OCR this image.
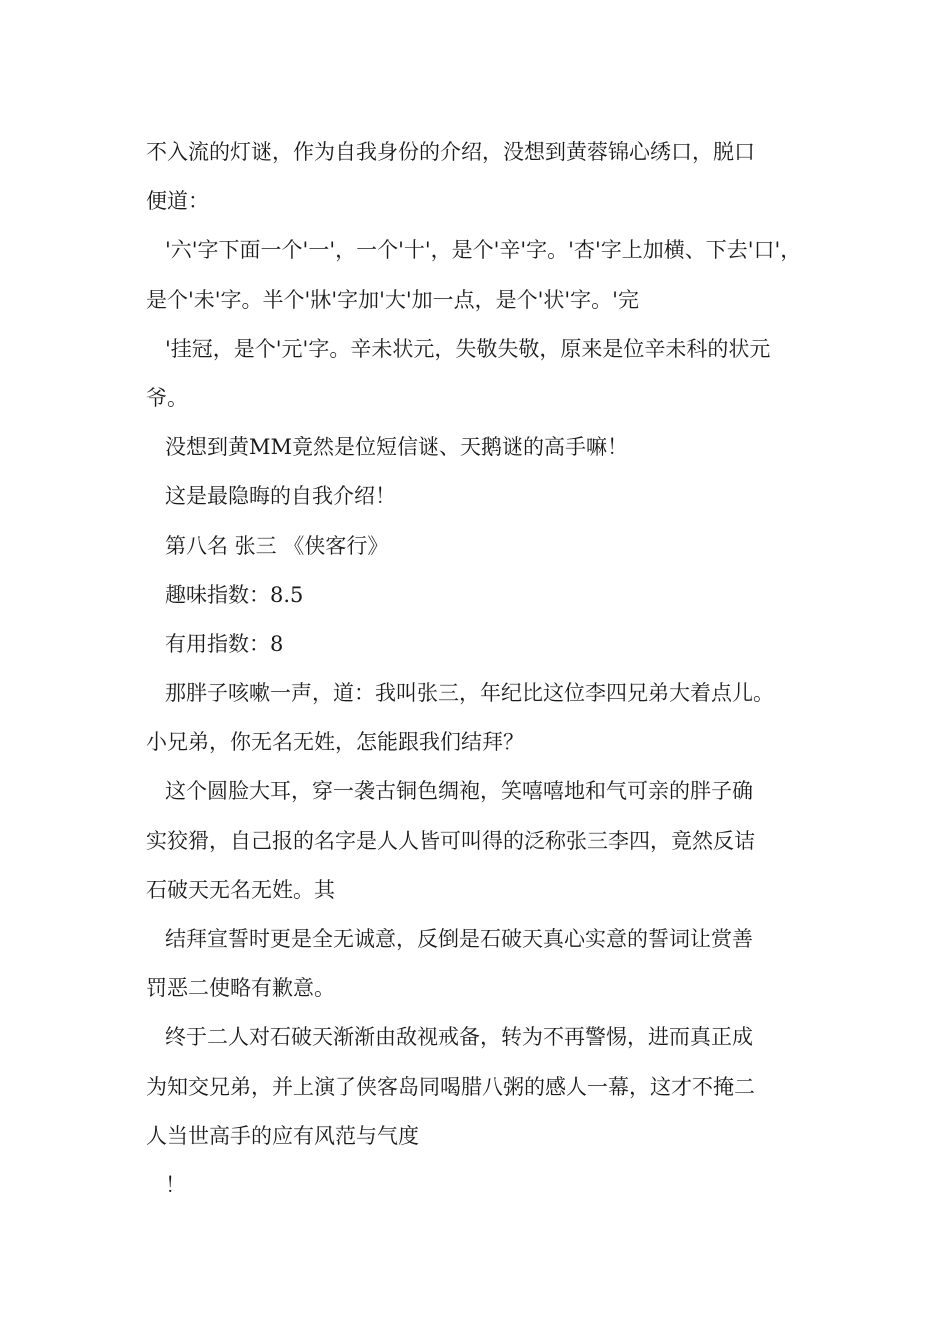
不入流的灯谜，作为自我身份的介绍，没想到黄蓉锦心绣口，脱口

便道：

'六'字下面一个'一'，一个'十'，是个'辛'字。'杏'字上加横、下去'口'，

是个'未'字。半个'牀'字加'大'加一点，是个'状'字。'完

'挂冠，是个'元'字。辛未状元，失敬失敬，原来是位辛未科的状元

爷。

没想到黄MM竟然是位短信谜、天鹅谜的高手嘛！

这是最隐晦的自我介绍！

第八名 张三 《侠客行》

趣味指数：8.5

有用指数：8

那胖子咳嗽一声，道：我叫张三，年纪比这位李四兄弟大着点儿。

小兄弟，你无名无姓，怎能跟我们结拜？

这个圆脸大耳，穿一袭古铜色绸袍，笑嘻嘻地和气可亲的胖子确

实狡猾，自己报的名字是人人皆可叫得的泛称张三李四，竟然反诘

石破天无名无姓。其

结拜宣誓时更是全无诚意，反倒是石破天真心实意的誓词让赏善

罚恶二使略有歉意。

终于二人对石破天渐渐由敌视戒备，转为不再警惕，进而真正成

为知交兄弟，并上演了侠客岛同喝腊八粥的感人一幕，这才不掩二

人当世高手的应有风范与气度

！
